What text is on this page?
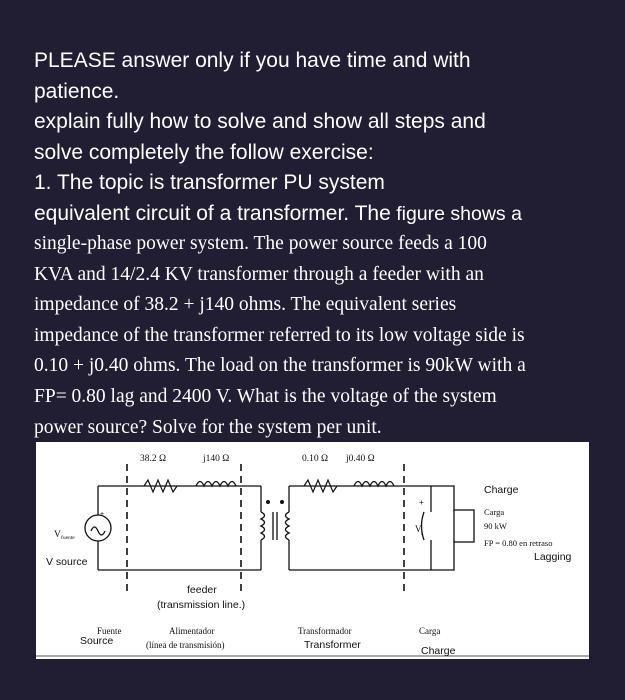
PLEASE answer only if you have time and with
patience.
explain fully how to solve and show all steps and
solve completely the follow exercise:
1. The topic is transformer PU system
equivalent circuit of a transformer. The figure shows a
single-phase power system. The power source feeds a 100
KVA and 14/2.4 KV transformer through a feeder with an
impedance of 38.2 + j140 ohms. The equivalent series
impedance of the transformer referred to its low voltage side is
0.10 + j0.40 ohms. The load on the transformer is 90kW with a
FP= 0.80 lag and 2400 V. What is the voltage of the system
power source? Solve for the system per unit.
38.2 Ω	j140 Ω	0.10 Ω j0.40 Ω
V fuente
+
V source
+
V s
Charge
Carga
90 kW
FP = 0.80 en retraso
Lagging
feeder
(transmission line.)
Fuente
Source
Alimentador
(línea de transmisión)
Transformador
Transformer
Carga
Charge
